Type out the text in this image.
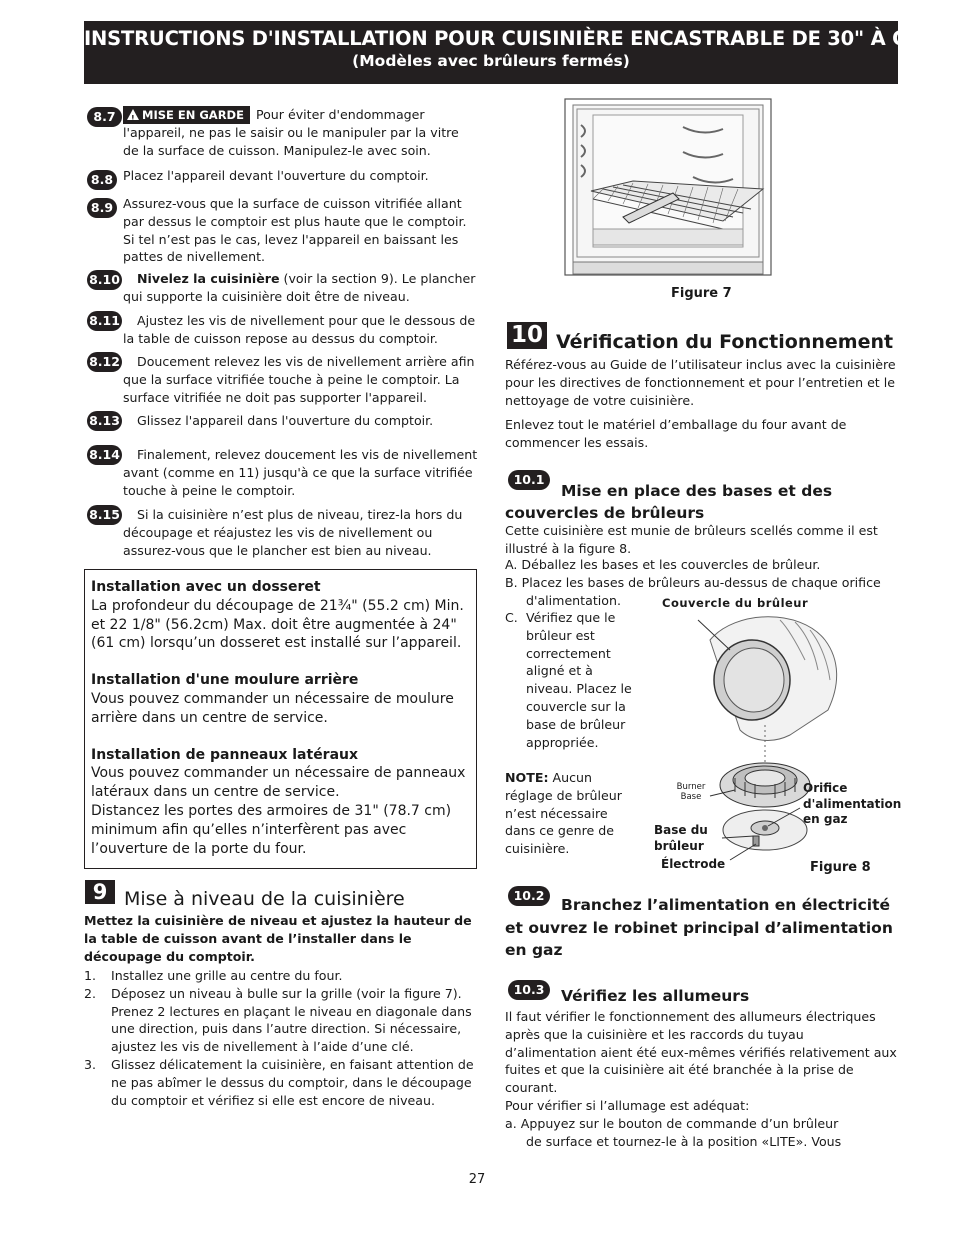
INSTRUCTIONS D'INSTALLATION POUR CUISINIÈRE ENCASTRABLE DE 30" À GAZ
(Modèles avec brûleurs fermés)
8.7
!	MISE EN GARDE Pour éviter d'endommager
l'appareil, ne pas le saisir ou le manipuler par la vitre de la surface de cuisson. Manipulez-le avec soin.
8.8 Placez l'appareil devant l'ouverture du comptoir.
8.9 Assurez-vous que la surface de cuisson vitrifiée allant par dessus le comptoir est plus haute que le comptoir. Si tel n’est pas le cas, levez l'appareil en baissant les pattes de nivellement.
8.10	Nivelez la cuisinière (voir la section 9). Le plancher qui supporte la cuisinière doit être de niveau.
8.11	Ajustez les vis de nivellement pour que le dessous de la table de cuisson repose au dessus du comptoir.
8.12	Doucement relevez les vis de nivellement arrière afin que la surface vitrifiée touche à peine le comptoir. La surface vitrifiée ne doit pas supporter l'appareil.
8.13	Glissez l'appareil dans l'ouverture du comptoir.
8.14	Finalement, relevez doucement les vis de nivellement avant (comme en 11) jusqu'à ce que la surface vitrifiée touche à peine le comptoir.
8.15	Si la cuisinière n’est plus de niveau, tirez-la hors du découpage et réajustez les vis de nivellement ou assurez-vous que le plancher est bien au niveau.
Installation avec un dosseret
La profondeur du découpage de 21¾" (55.2 cm) Min. et 22 1/8" (56.2cm) Max. doit être augmentée à 24" (61 cm) lorsqu’un dosseret est installé sur l’appareil.
Installation d'une moulure arrière
Vous pouvez commander un nécessaire de moulure arrière dans un centre de service.
Installation de panneaux latéraux
Vous pouvez commander un nécessaire de panneaux latéraux dans un centre de service.
Distancez les portes des armoires de 31" (78.7 cm) minimum afin qu’elles n’interfèrent pas avec l’ouverture de la porte du four.
9 Mise à niveau de la cuisinière
Mettez la cuisinière de niveau et ajustez la hauteur de la table de cuisson avant de l’installer dans le découpage du comptoir.
1. Installez une grille au centre du four.
2. Déposez un niveau à bulle sur la grille (voir la figure 7). Prenez 2 lectures en plaçant le niveau en diagonale dans une direction, puis dans l’autre direction. Si nécessaire, ajustez les vis de nivellement à l’aide d’une clé.
3. Glissez délicatement la cuisinière, en faisant attention de ne pas abîmer le dessus du comptoir, dans le découpage du comptoir et vérifiez si elle est encore de niveau.
Figure 7
10 Vérification du Fonctionnement
Référez-vous au Guide de l’utilisateur inclus avec la cuisinière pour les directives de fonctionnement et pour l’entretien et le nettoyage de votre cuisinière.
Enlevez tout le matériel d’emballage du four avant de commencer les essais.
10.1
Mise en place des bases et des couvercles de brûleurs
Cette cuisinière est munie de brûleurs scellés comme il est illustré à la figure 8.
A. Déballez les bases et les couvercles de brûleur.
B. Placez les bases de brûleurs au-dessus de chaque orifice
d'alimentation.
C. Vérifiez que le brûleur est correctement aligné et à niveau. Placez le couvercle sur la base de brûleur appropriée.
NOTE: Aucun réglage de brûleur n’est nécessaire dans ce genre de cuisinière.
Couvercle du brûleur
Burner Base
Orifice d'alimentation en gaz
Base du brûleur
Électrode	Figure 8
10.2
Branchez l’alimentation en électricité et ouvrez le robinet principal d’alimentation en gaz
10.3	Vérifiez les allumeurs
Il faut vérifier le fonctionnement des allumeurs électriques après que la cuisinière et les raccords du tuyau d’alimentation aient été eux-mêmes vérifiés relativement aux fuites et que la cuisinière ait été branchée à la prise de courant.
Pour vérifier si l’allumage est adéquat:
a. Appuyez sur le bouton de commande d’un brûleur
de surface et tournez-le à la position «LITE». Vous
27
